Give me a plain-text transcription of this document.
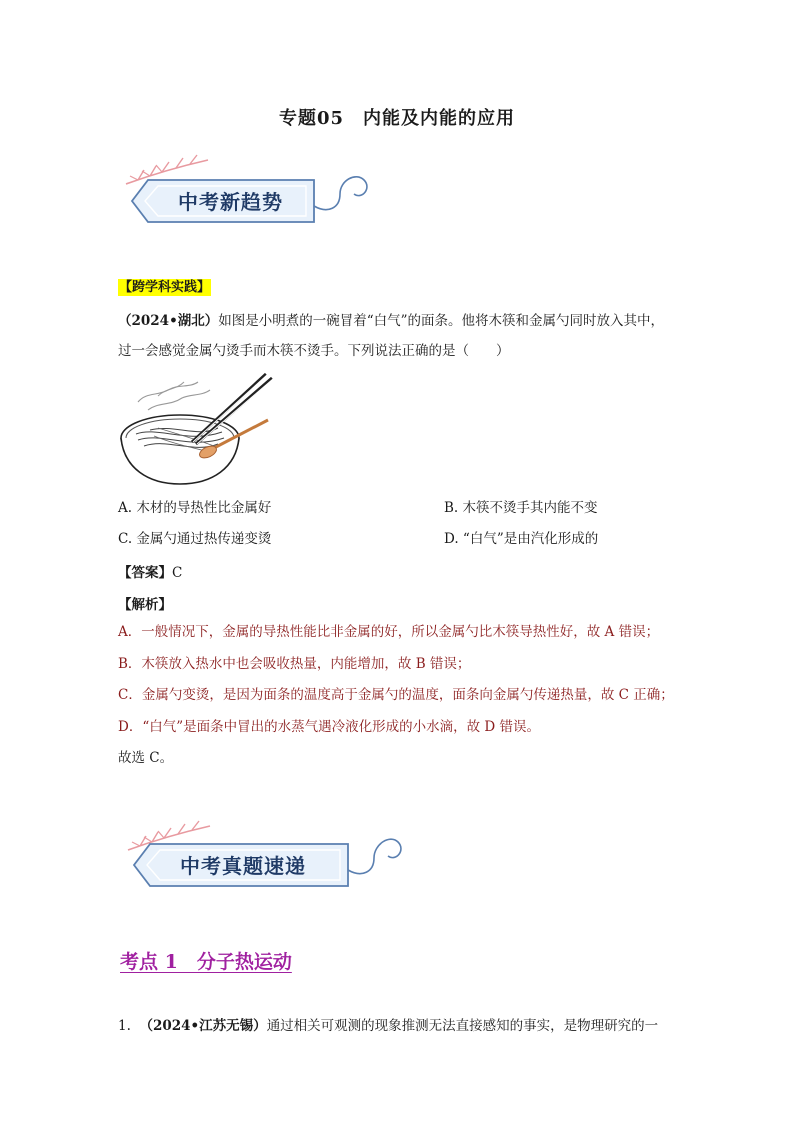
专题05　内能及内能的应用
中考新趋势
【跨学科实践】
（2024•湖北）如图是小明煮的一碗冒着“白气”的面条。他将木筷和金属勺同时放入其中，
过一会感觉金属勺烫手而木筷不烫手。下列说法正确的是（　　）
A. 木材的导热性比金属好	B. 木筷不烫手其内能不变
C. 金属勺通过热传递变烫	D. “白气”是由汽化形成的
【答案】C
【解析】
A．一般情况下，金属的导热性能比非金属的好，所以金属勺比木筷导热性好，故 A 错误；
B．木筷放入热水中也会吸收热量，内能增加，故 B 错误；
C．金属勺变烫，是因为面条的温度高于金属勺的温度，面条向金属勺传递热量，故 C 正确；
D．“白气”是面条中冒出的水蒸气遇冷液化形成的小水滴，故 D 错误。
故选 C。
中考真题速递
考点 1　分子热运动
1. （2024•江苏无锡）通过相关可观测的现象推测无法直接感知的事实，是物理研究的一
